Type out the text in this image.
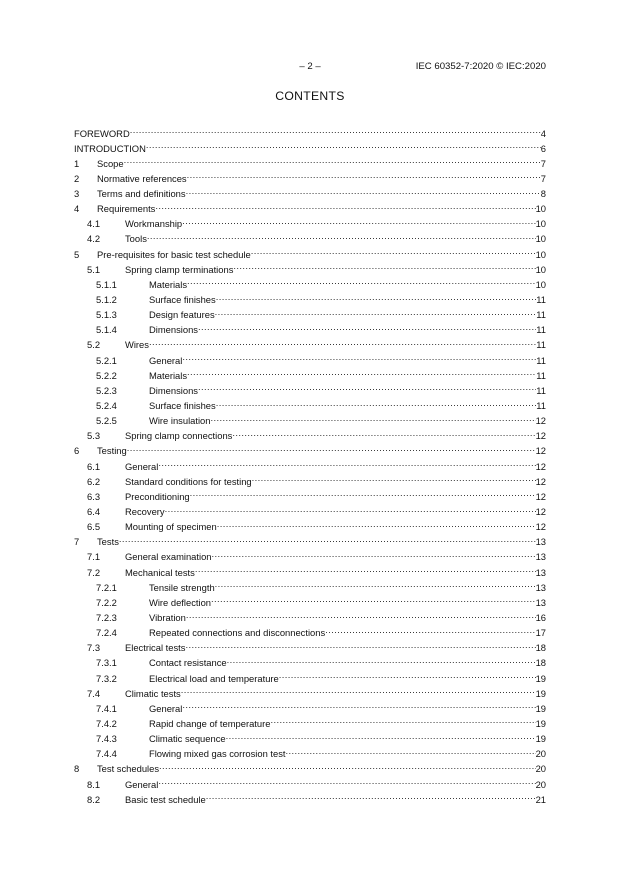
– 2 –	IEC 60352-7:2020 © IEC:2020
CONTENTS
FOREWORD .....	4
INTRODUCTION .....	6
1	Scope .....	7
2	Normative references .....	7
3	Terms and definitions .....	8
4	Requirements .....	10
4.1	Workmanship .....	10
4.2	Tools .....	10
5	Pre-requisites for basic test schedule .....	10
5.1	Spring clamp terminations .....	10
5.1.1	Materials .....	10
5.1.2	Surface finishes .....	11
5.1.3	Design features .....	11
5.1.4	Dimensions .....	11
5.2	Wires .....	11
5.2.1	General .....	11
5.2.2	Materials .....	11
5.2.3	Dimensions .....	11
5.2.4	Surface finishes .....	11
5.2.5	Wire insulation .....	12
5.3	Spring clamp connections .....	12
6	Testing .....	12
6.1	General .....	12
6.2	Standard conditions for testing .....	12
6.3	Preconditioning .....	12
6.4	Recovery .....	12
6.5	Mounting of specimen .....	12
7	Tests .....	13
7.1	General examination .....	13
7.2	Mechanical tests .....	13
7.2.1	Tensile strength .....	13
7.2.2	Wire deflection .....	13
7.2.3	Vibration .....	16
7.2.4	Repeated connections and disconnections .....	17
7.3	Electrical tests .....	18
7.3.1	Contact resistance .....	18
7.3.2	Electrical load and temperature .....	19
7.4	Climatic tests .....	19
7.4.1	General .....	19
7.4.2	Rapid change of temperature .....	19
7.4.3	Climatic sequence .....	19
7.4.4	Flowing mixed gas corrosion test .....	20
8	Test schedules .....	20
8.1	General .....	20
8.2	Basic test schedule .....	21
